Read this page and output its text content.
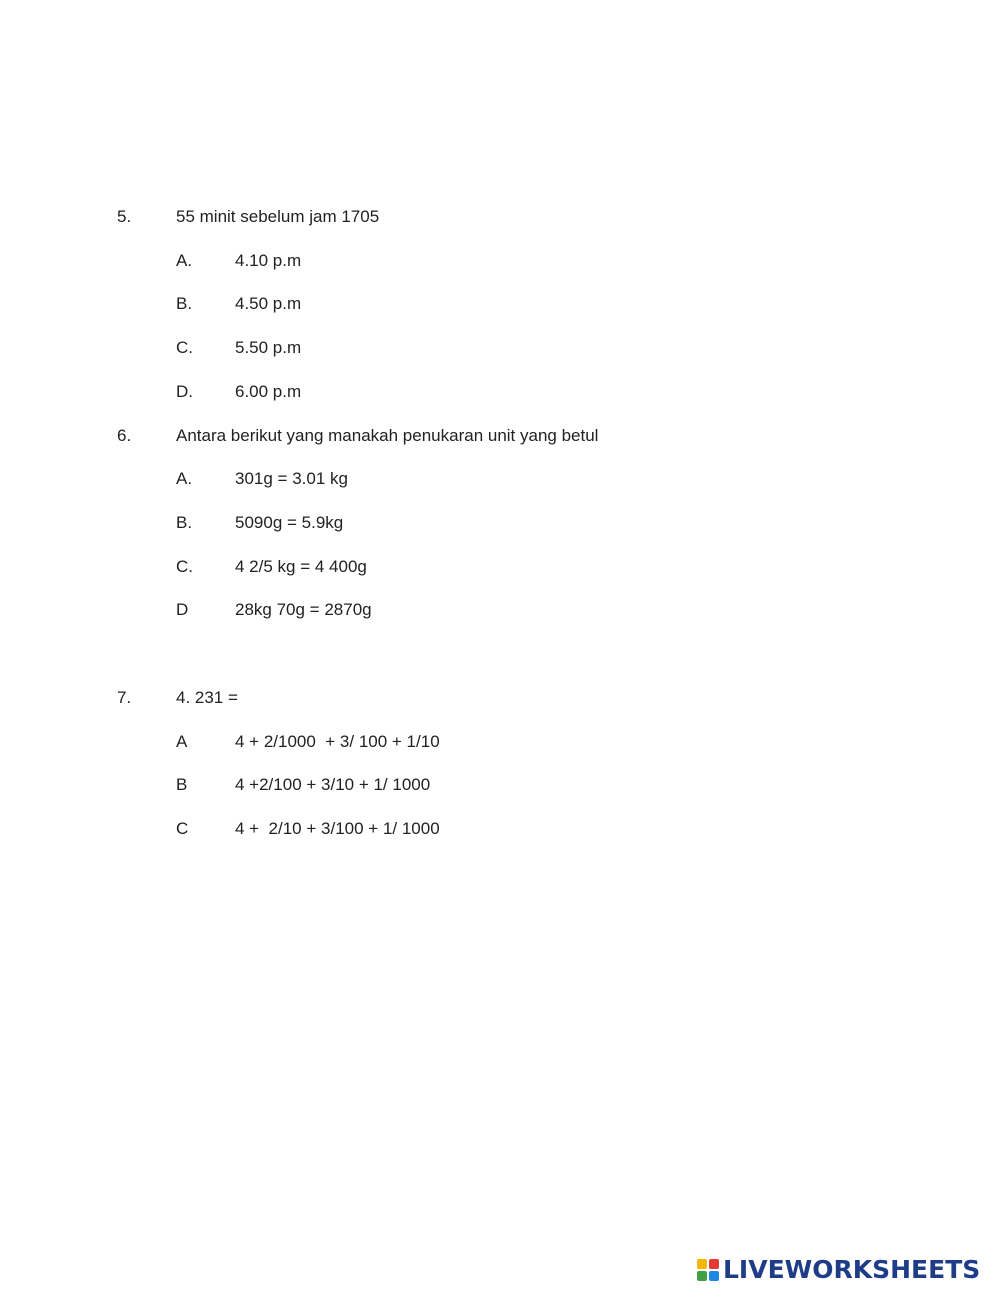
5.	55 minit sebelum jam 1705
A.	4.10 p.m
B.	4.50 p.m
C. 5.50 p.m
D. 6.00 p.m
6.	Antara berikut yang manakah penukaran unit yang betul
A.	301g = 3.01 kg
B.	5090g = 5.9kg
C. 4 2/5 kg = 4 400g
D	28kg 70g = 2870g
7.	4. 231 =
A	4 + 2/1000  + 3/ 100 + 1/10
B	4 +2/100 + 3/10 + 1/ 1000
C	4 +  2/10 + 3/100 + 1/ 1000
LIVEWORKSHEETS
